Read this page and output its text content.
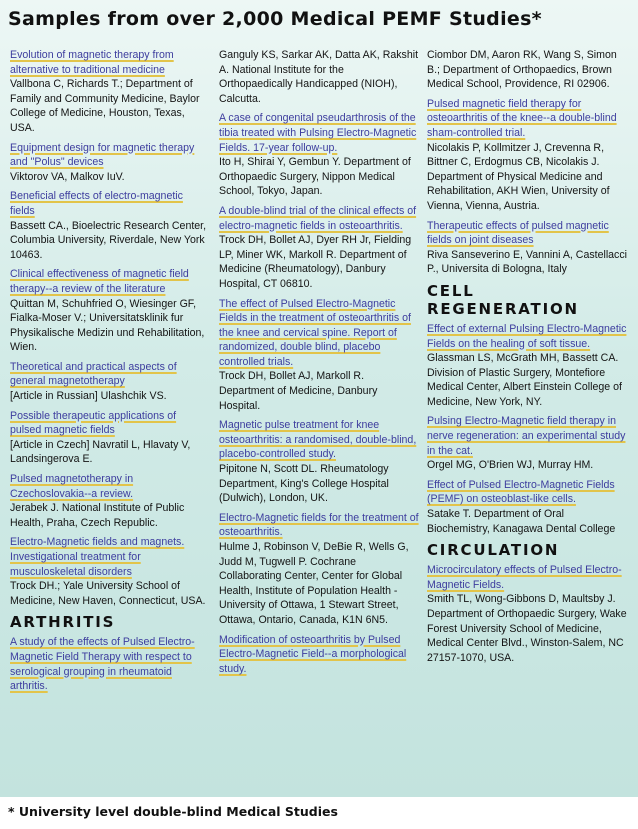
Samples from over 2,000 Medical PEMF Studies*
Evolution of magnetic therapy from alternative to traditional medicine
Vallbona C, Richards T.; Department of Family and Community Medicine, Baylor College of Medicine, Houston, Texas, USA.
Equipment design for magnetic therapy and "Polus" devices
Viktorov VA, Malkov IuV.
Beneficial effects of electro-magnetic fields
Bassett CA., Bioelectric Research Center, Columbia University, Riverdale, New York 10463.
Clinical effectiveness of magnetic field therapy--a review of the literature
Quittan M, Schuhfried O, Wiesinger GF, Fialka-Moser V.; Universitatsklinik fur Physikalische Medizin und Rehabilitation, Wien.
Theoretical and practical aspects of general magnetotherapy
[Article in Russian] Ulashchik VS.
Possible therapeutic applications of pulsed magnetic fields
[Article in Czech] Navratil L, Hlavaty V, Landsingerova E.
Pulsed magnetotherapy in Czechoslovakia--a review.
Jerabek J. National Institute of Public Health, Praha, Czech Republic.
Electro-Magnetic fields and magnets. Investigational treatment for musculoskeletal disorders
Trock DH.; Yale University School of Medicine, New Haven, Connecticut, USA.
ARTHRITIS
A study of the effects of Pulsed Electro-Magnetic Field Therapy with respect to serological grouping in rheumatoid arthritis.
Ganguly KS, Sarkar AK, Datta AK, Rakshit A. National Institute for the Orthopaedically Handicapped (NIOH), Calcutta.
A case of congenital pseudarthrosis of the tibia treated with Pulsing Electro-Magnetic Fields. 17-year follow-up.
Ito H, Shirai Y, Gembun Y. Department of Orthopaedic Surgery, Nippon Medical School, Tokyo, Japan.
A double-blind trial of the clinical effects of electro-magnetic fields in osteoarthritis.
Trock DH, Bollet AJ, Dyer RH Jr, Fielding LP, Miner WK, Markoll R. Department of Medicine (Rheumatology), Danbury Hospital, CT 06810.
The effect of Pulsed Electro-Magnetic Fields in the treatment of osteoarthritis of the knee and cervical spine. Report of randomized, double blind, placebo controlled trials.
Trock DH, Bollet AJ, Markoll R. Department of Medicine, Danbury Hospital.
Magnetic pulse treatment for knee osteoarthritis: a randomised, double-blind, placebo-controlled study.
Pipitone N, Scott DL. Rheumatology Department, King's College Hospital (Dulwich), London, UK.
Electro-Magnetic fields for the treatment of osteoarthritis.
Hulme J, Robinson V, DeBie R, Wells G, Judd M, Tugwell P. Cochrane Collaborating Center, Center for Global Health, Institute of Population Health - University of Ottawa, 1 Stewart Street, Ottawa, Ontario, Canada, K1N 6N5.
Modification of osteoarthritis by Pulsed Electro-Magnetic Field--a morphological study.
Ciombor DM, Aaron RK, Wang S, Simon B.; Department of Orthopaedics, Brown Medical School, Providence, RI 02906.
Pulsed magnetic field therapy for osteoarthritis of the knee--a double-blind sham-controlled trial.
Nicolakis P, Kollmitzer J, Crevenna R, Bittner C, Erdogmus CB, Nicolakis J. Department of Physical Medicine and Rehabilitation, AKH Wien, University of Vienna, Vienna, Austria.
Therapeutic effects of pulsed magnetic fields on joint diseases
Riva Sanseverino E, Vannini A, Castellacci P., Universita di Bologna, Italy
CELL REGENERATION
Effect of external Pulsing Electro-Magnetic Fields on the healing of soft tissue.
Glassman LS, McGrath MH, Bassett CA. Division of Plastic Surgery, Montefiore Medical Center, Albert Einstein College of Medicine, New York, NY.
Pulsing Electro-Magnetic field therapy in nerve regeneration: an experimental study in the cat.
Orgel MG, O'Brien WJ, Murray HM.
Effect of Pulsed Electro-Magnetic Fields (PEMF) on osteoblast-like cells.
Satake T. Department of Oral Biochemistry, Kanagawa Dental College
CIRCULATION
Microcirculatory effects of Pulsed Electro-Magnetic Fields.
Smith TL, Wong-Gibbons D, Maultsby J. Department of Orthopaedic Surgery, Wake Forest University School of Medicine, Medical Center Blvd., Winston-Salem, NC 27157-1070, USA.
* University level double-blind Medical Studies
